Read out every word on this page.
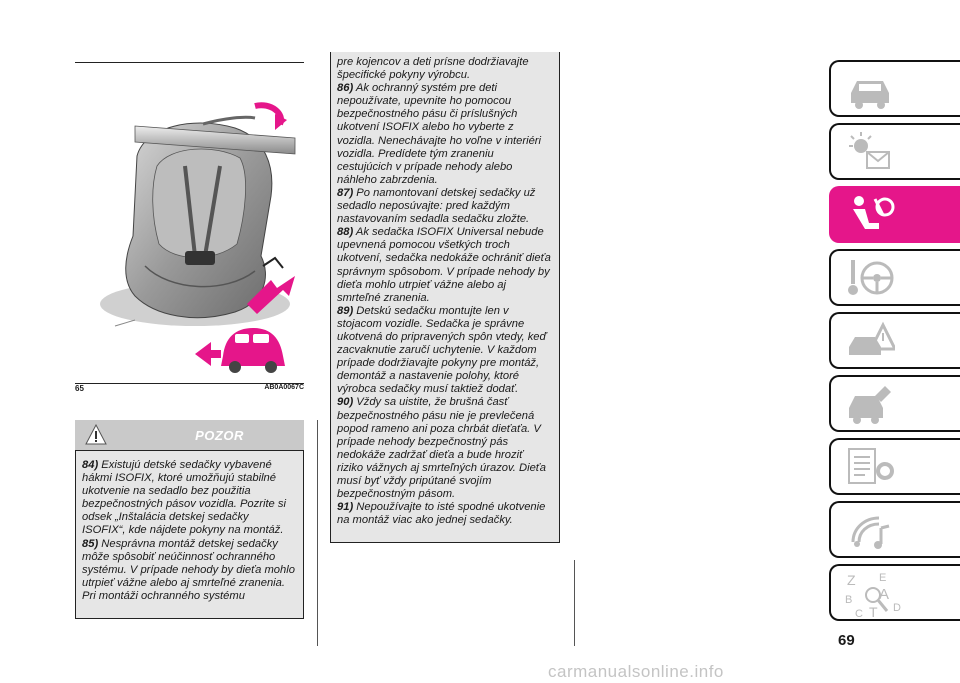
65	AB0A0067C
POZOR

84) Existujú detské sedačky vybavené hákmi ISOFIX, ktoré umožňujú stabilné ukotvenie na sedadlo bez použitia bezpečnostných pásov vozidla. Pozrite si odsek „Inštalácia detskej sedačky ISOFIX“, kde nájdete pokyny na montáž.

85) Nesprávna montáž detskej sedačky môže spôsobiť neúčinnosť ochranného systému. V prípade nehody by dieťa mohlo utrpieť vážne alebo aj smrteľné zranenia. Pri montáži ochranného systému

pre kojencov a deti prísne dodržiavajte špecifické pokyny výrobcu.

86) Ak ochranný systém pre deti nepoužívate, upevnite ho pomocou bezpečnostného pásu či príslušných ukotvení ISOFIX alebo ho vyberte z vozidla. Nenechávajte ho voľne v interiéri vozidla. Predídete tým zraneniu cestujúcich v prípade nehody alebo náhleho zabrzdenia.

87) Po namontovaní detskej sedačky už sedadlo neposúvajte: pred každým nastavovaním sedadla sedačku zložte.

88) Ak sedačka ISOFIX Universal nebude upevnená pomocou všetkých troch ukotvení, sedačka nedokáže ochrániť dieťa správnym spôsobom. V prípade nehody by dieťa mohlo utrpieť vážne alebo aj smrteľné zranenia.

89) Detskú sedačku montujte len v stojacom vozidle. Sedačka je správne ukotvená do pripravených spôn vtedy, keď zacvaknutie zaručí uchytenie. V každom prípade dodržiavajte pokyny pre montáž, demontáž a nastavenie polohy, ktoré výrobca sedačky musí taktiež dodať.

90) Vždy sa uistite, že brušná časť bezpečnostného pásu nie je prevlečená popod rameno ani poza chrbát dieťaťa. V prípade nehody bezpečnostný pás nedokáže zadržať dieťa a bude hroziť riziko vážnych aj smrteľných úrazov. Dieťa musí byť vždy pripútané svojím bezpečnostným pásom.

91) Nepoužívajte to isté spodné ukotvenie na montáž viac ako jednej sedačky.

Z E
B A
C T D
69
carmanualsonline.info
